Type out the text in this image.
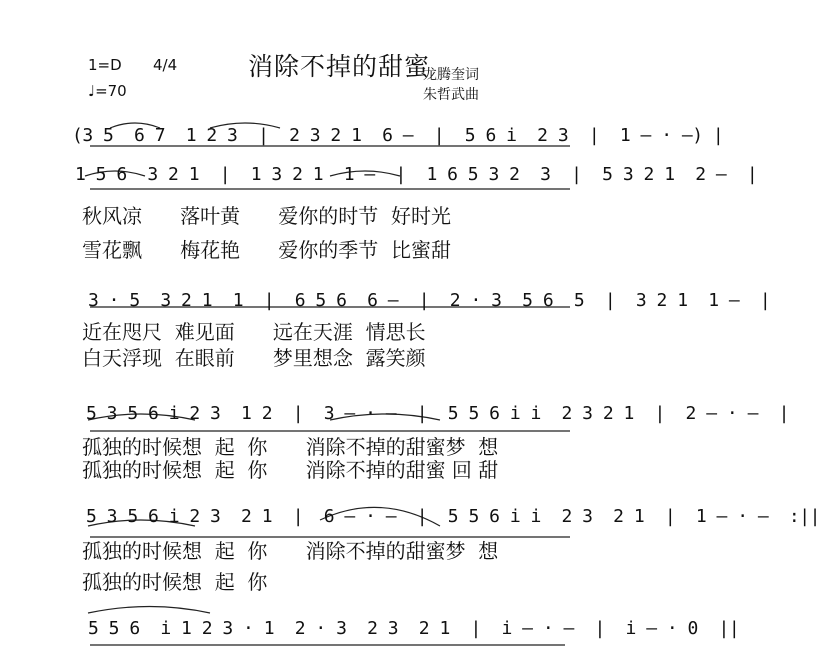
1=D 4/4
♩=70
消除不掉的甜蜜
龙腾奎词
朱哲武曲
(3 5  6 7  1 2 3  |  2 3 2 1  6 —  |  5 6 i  2 3  |  1 — · —) |
1 5 6  3 2 1  |  1 3 2 1  1 —  |  1 6 5 3 2  3  |  5 3 2 1  2 —  |
秋风凉      落叶黄      爱你的时节  好时光
雪花飘      梅花艳      爱你的季节  比蜜甜
3 · 5  3 2 1  1  |  6 5 6  6 —  |  2 · 3  5 6  5  |  3 2 1  1 —  |
近在咫尺  难见面      远在天涯  情思长
白天浮现  在眼前      梦里想念  露笑颜
5 3 5 6 i 2 3  1 2  |  3 — · —  |  5 5 6 i i  2 3 2 1  |  2 — · —  |
孤独的时候想  起  你      消除不掉的甜蜜梦  想
孤独的时候想  起  你      消除不掉的甜蜜 回 甜
5 3 5 6 i 2 3  2 1  |  6 — · —  |  5 5 6 i i  2 3  2 1  |  1 — · —  :||
孤独的时候想  起  你      消除不掉的甜蜜梦  想
孤独的时候想  起  你
5 5 6  i 1 2 3 · 1  2 · 3  2 3  2 1  |  i — · —  |  i — · 0  ||
